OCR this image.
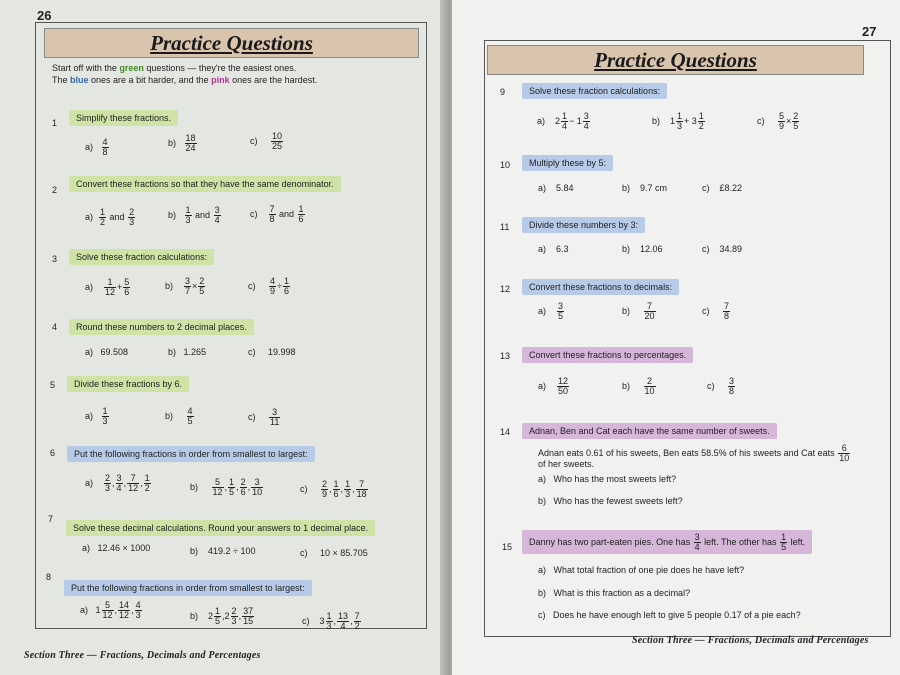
26
Practice Questions
Start off with the green questions — they're the easiest ones.
The blue ones are a bit harder, and the pink ones are the hardest.
1	Simplify these fractions.
$a) \frac{4}{8}$	$b) \frac{18}{24}$	$c) \frac{10}{25}$
2
Convert these fractions so that they have the same denominator.
$a) \frac{1}{2}$ and $\frac{2}{3}$	$b) \frac{1}{3}$ and $\frac{3}{4}$	$c) \frac{7}{8}$ and $\frac{1}{6}$
3	Solve these fraction calculations:
$a) \frac{1}{12} + \frac{5}{6}$	$b) \frac{3}{7} \times \frac{2}{5}$	$c) \frac{4}{9} \div \frac{1}{6}$
4	Round these numbers to 2 decimal places.
a)   69.508	b)   1.265	c)     19.998
5	Divide these fractions by 6.
$a) \frac{1}{3}$	$b) \frac{4}{5}$	$c) \frac{3}{11}$
6	Put the following fractions in order from smallest to largest:
$a) \frac{2}{3}$ , $\frac{3}{4}$ , $\frac{7}{12}$ , $\frac{1}{2}$	$b) \frac{5}{12}$ , $\frac{1}{5}$ , $\frac{2}{6}$ , $\frac{3}{10}$	$c) \frac{2}{9}$ , $\frac{1}{6}$ , $\frac{1}{3}$ , $\frac{7}{18}$
7
Solve these decimal calculations. Round your answers to 1 decimal place.
a)   12.46 × 1000	b)    419.2 ÷ 100	c)     10 × 85.705
8
Put the following fractions in order from smallest to largest:
a)   $1 \frac{5}{12}$ , $\frac{14}{12}$ , $\frac{4}{3}$	b)    $2 \frac{1}{5} ,2 \frac{2}{3}$ , $\frac{37}{15}$	c)    $3 \frac{1}{3}$ , $\frac{13}{4}$ , $\frac{7}{2}$
Section Three — Fractions, Decimals and Percentages
27
Practice Questions
9	Solve these fraction calculations:
a)    $2 \frac{1}{4} - 1 \frac{3}{4}$	b)    $1 \frac{1}{3} + 3 \frac{1}{2}$	$c) \frac{5}{9} \times \frac{2}{5}$
10	Multiply these by 5:
a)    5.84	b)    9.7 cm	c)    £8.22
11	Divide these numbers by 3:
a)    6.3	b)    12.06	c)    34.89
12	Convert these fractions to decimals:
$a) \frac{3}{5}$	$b) \frac{7}{20}$	$c) \frac{7}{8}$
13	Convert these fractions to percentages.
$a) \frac{12}{50}$	$b) \frac{2}{10}$	$c) \frac{3}{8}$
14	Adnan, Ben and Cat each have the same number of sweets.
Adnan eats 0.61 of his sweets, Ben eats 58.5% of his sweets and Cat eats $\frac{6}{10}$
of her sweets.
a)   Who has the most sweets left?
b)   Who has the fewest sweets left?
15	Danny has two part-eaten pies. One has $\frac{3}{4}$ left. The other has $\frac{1}{5}$ left.
a)   What total fraction of one pie does he have left?
b)   What is this fraction as a decimal?
c)   Does he have enough left to give 5 people 0.17 of a pie each?
Section Three — Fractions, Decimals and Percentages
